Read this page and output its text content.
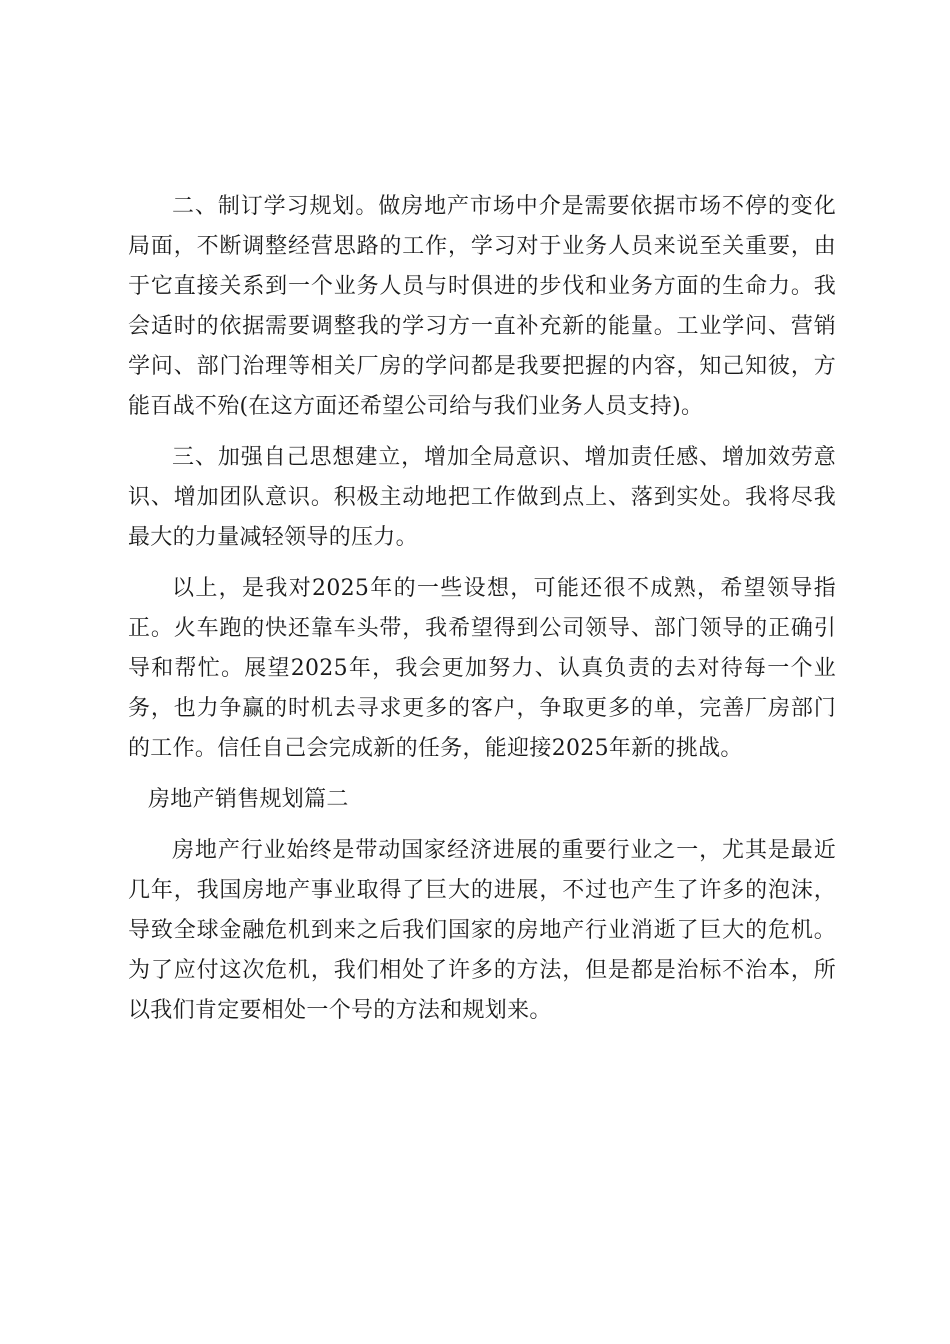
二、制订学习规划。做房地产市场中介是需要依据市场不停的变化局面，不断调整经营思路的工作，学习对于业务人员来说至关重要，由于它直接关系到一个业务人员与时俱进的步伐和业务方面的生命力。我会适时的依据需要调整我的学习方一直补充新的能量。工业学问、营销学问、部门治理等相关厂房的学问都是我要把握的内容，知己知彼，方能百战不殆(在这方面还希望公司给与我们业务人员支持)。

三、加强自己思想建立，增加全局意识、增加责任感、增加效劳意识、增加团队意识。积极主动地把工作做到点上、落到实处。我将尽我最大的力量减轻领导的压力。

以上，是我对2025年的一些设想，可能还很不成熟，希望领导指正。火车跑的快还靠车头带，我希望得到公司领导、部门领导的正确引导和帮忙。展望2025年，我会更加努力、认真负责的去对待每一个业务，也力争赢的时机去寻求更多的客户，争取更多的单，完善厂房部门的工作。信任自己会完成新的任务，能迎接2025年新的挑战。

房地产销售规划篇二

房地产行业始终是带动国家经济进展的重要行业之一，尤其是最近几年，我国房地产事业取得了巨大的进展，不过也产生了许多的泡沫，导致全球金融危机到来之后我们国家的房地产行业消逝了巨大的危机。为了应付这次危机，我们相处了许多的方法，但是都是治标不治本，所以我们肯定要相处一个号的方法和规划来。
